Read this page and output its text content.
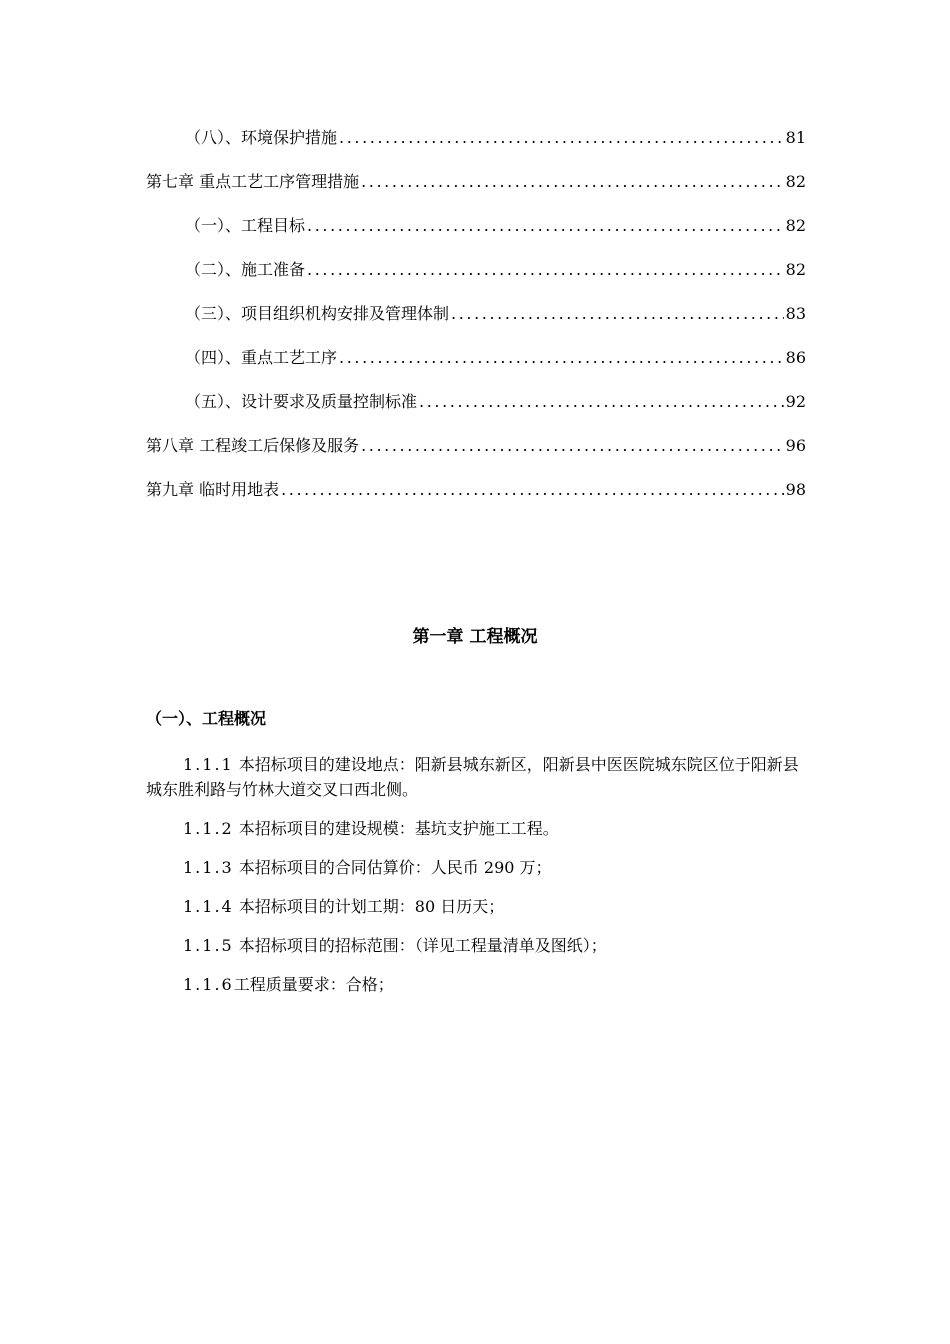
（八）、环境保护措施 .....	81
第七章 重点工艺工序管理措施 .....	82
（一）、工程目标 .....	82
（二）、施工准备 .....	82
（三）、项目组织机构安排及管理体制 .....	83
（四）、重点工艺工序 .....	86
（五）、设计要求及质量控制标准 .....	92
第八章 工程竣工后保修及服务 .....	96
第九章 临时用地表 .....	98
第一章 工程概况
（一）、工程概况

1.1.1 本招标项目的建设地点：阳新县城东新区，阳新县中医医院城东院区位于阳新县城东胜利路与竹林大道交叉口西北侧。

1.1.2 本招标项目的建设规模：基坑支护施工工程。

1.1.3 本招标项目的合同估算价：人民币 290 万；

1.1.4 本招标项目的计划工期：80 日历天；

1.1.5 本招标项目的招标范围：（详见工程量清单及图纸）；

1.1.6工程质量要求：合格；
